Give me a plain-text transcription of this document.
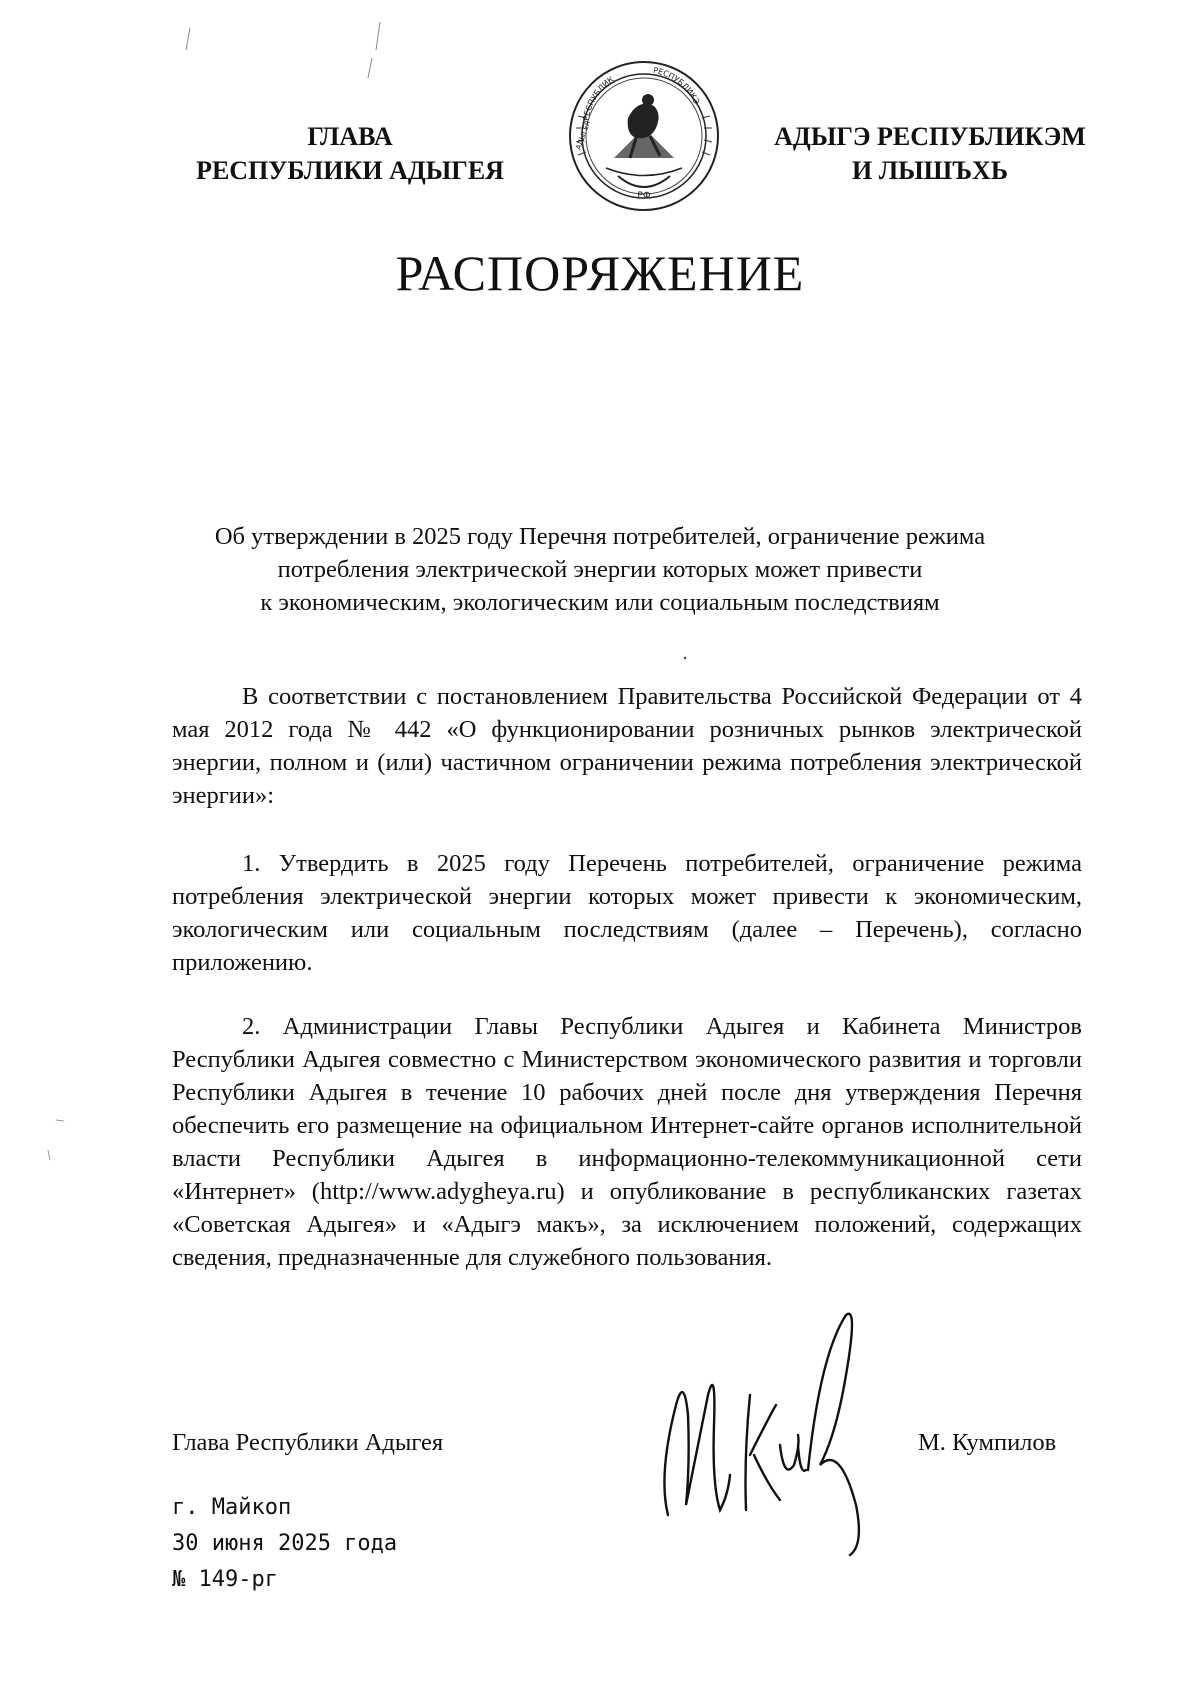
ГЛАВА
РЕСПУБЛИКИ АДЫГЕЯ
РФ
РЕСПУБЛИК
РЕСПУБЛИКЭ
АДЫГЕЯ	АДЫГЭ РЕСПУБЛИКЭМ
И ЛЫШЪХЬ
РАСПОРЯЖЕНИЕ
Об утверждении в 2025 году Перечня потребителей, ограничение режима
потребления электрической энергии которых может привести
к экономическим, экологическим или социальным последствиям

В соответствии с постановлением Правительства Российской Федерации от 4 мая 2012 года № 442 «О функционировании розничных рынков электрической энергии, полном и (или) частичном ограничении режима потребления электрической энергии»:

1. Утвердить в 2025 году Перечень потребителей, ограничение режима потребления электрической энергии которых может привести к экономическим, экологическим или социальным последствиям (далее – Перечень), согласно приложению.

2. Администрации Главы Республики Адыгея и Кабинета Министров Республики Адыгея совместно с Министерством экономического развития и торговли Республики Адыгея в течение 10 рабочих дней после дня утверждения Перечня обеспечить его размещение на официальном Интернет-сайте органов исполнительной власти Республики Адыгея в информационно-телекоммуникационной сети «Интернет» (http://www.adygheya.ru) и опубликование в республиканских газетах «Советская Адыгея» и «Адыгэ макъ», за исключением положений, содержащих сведения, предназначенные для служебного пользования.

Глава Республики Адыгея	М. Кумпилов
г. Майкоп
30 июня 2025 года
№ 149-рг
